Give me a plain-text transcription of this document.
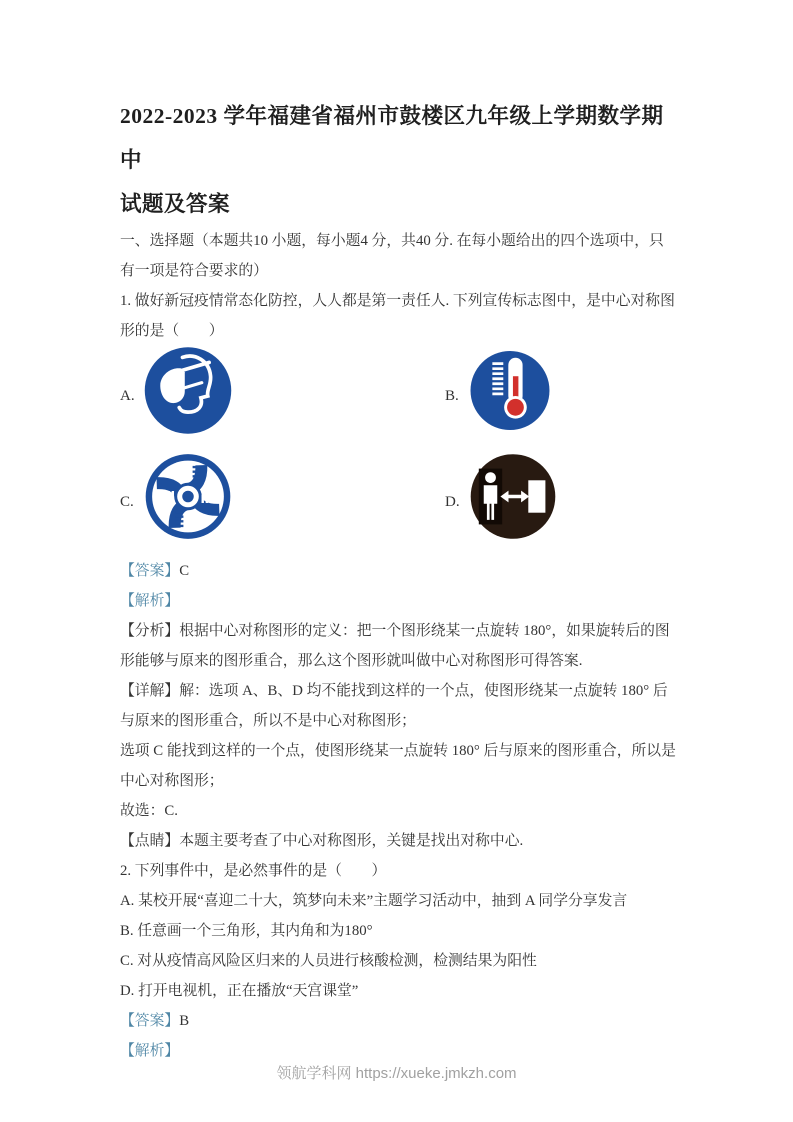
2022-2023 学年福建省福州市鼓楼区九年级上学期数学期中
试题及答案

一、选择题（本题共10 小题，每小题4 分，共40 分. 在每小题给出的四个选项中，只有一项是符合要求的）

1. 做好新冠疫情常态化防控，人人都是第一责任人. 下列宣传标志图中，是中心对称图形的是（　　）

A.	B.
C.	D.

【答案】C

【解析】

【分析】根据中心对称图形的定义：把一个图形绕某一点旋转 180°，如果旋转后的图形能够与原来的图形重合，那么这个图形就叫做中心对称图形可得答案.

【详解】解：选项 A、B、D 均不能找到这样的一个点，使图形绕某一点旋转 180° 后与原来的图形重合，所以不是中心对称图形；

选项 C 能找到这样的一个点，使图形绕某一点旋转 180° 后与原来的图形重合，所以是中心对称图形；

故选：C.

【点睛】本题主要考查了中心对称图形，关键是找出对称中心.

2. 下列事件中，是必然事件的是（　　）

A. 某校开展“喜迎二十大，筑梦向未来”主题学习活动中，抽到 A 同学分享发言

B. 任意画一个三角形，其内角和为180°

C. 对从疫情高风险区归来的人员进行核酸检测，检测结果为阳性

D. 打开电视机，正在播放“天宫课堂”

【答案】B

【解析】

领航学科网 https://xueke.jmkzh.com
